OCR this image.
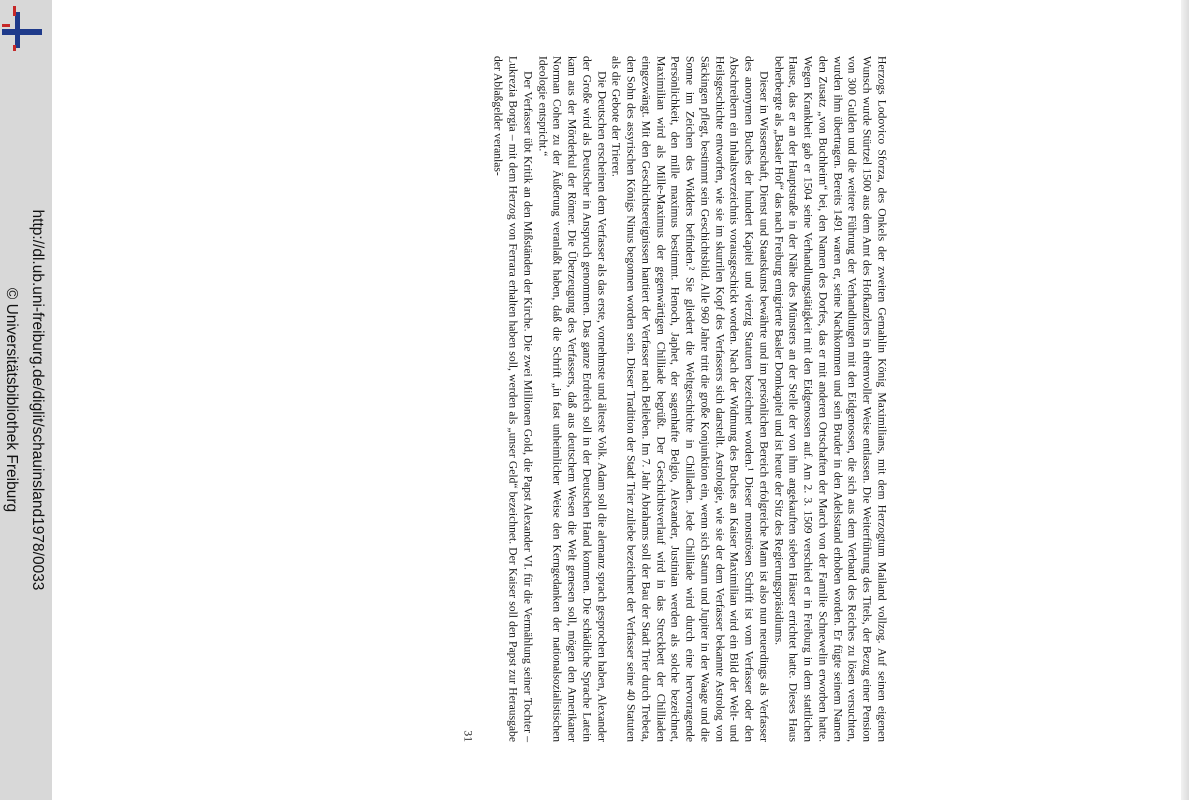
http://dl.ub.uni-freiburg.de/diglit/schauinsland1978/0033
© Universitätsbibliothek Freiburg	Herzogs Lodovico Sforza, des Onkels der zweiten Gemahlin König Maximilians, mit dem Herzogtum Mailand vollzog. Auf seinen eigenen Wunsch wurde Stürtzel 1500 aus dem Amt des Hofkanzlers in ehrenvoller Weise entlassen. Die Weiterführung des Titels, der Bezug einer Pension von 300 Gulden und die weitere Führung der Verhandlungen mit den Eidgenossen, die sich aus dem Verband des Reiches zu lösen versuchten, wurden ihm übertragen. Bereits 1491 waren er, seine Nachkommen und sein Bruder in den Adelsstand erhoben worden. Er fügte seinem Namen den Zusatz „von Buchheim“ bei, den Namen des Dorfes, das er mit anderen Ortschaften der March von der Familie Schnewelin erworben hatte. Wegen Krankheit gab er 1504 seine Verhandlungstätigkeit mit den Eidgenossen auf. Am 2. 3. 1509 verschied er in Freiburg in dem stattlichen Hause, das er an der Hauptstraße in der Nähe des Münsters an der Stelle der von ihm angekauften sieben Häuser errichtet hatte. Dieses Haus beherbergte als „Basler Hof“ das nach Freiburg emigrierte Basler Domkapitel und ist heute der Sitz des Regierungspräsidiums.

Dieser in Wissenschaft, Dienst und Staatskunst bewährte und im persönlichen Bereich erfolgreiche Mann ist also nun neuerdings als Verfasser des anonymen Buches der hundert Kapitel und vierzig Statuten bezeichnet worden.¹ Dieser monströsen Schrift ist vom Verfasser oder den Abschreibern ein Inhaltsverzeichnis vorausgeschickt worden. Nach der Widmung des Buches an Kaiser Maximilian wird ein Bild der Welt- und Heilsgeschichte entworfen, wie sie im skurrilen Kopf des Verfassers sich darstellt. Astrologie, wie sie der dem Verfasser bekannte Astrolog von Säckingen pflegt, bestimmt sein Geschichtsbild. Alle 960 Jahre tritt die große Konjunktion ein, wenn sich Saturn und Jupiter in der Waage und die Sonne im Zeichen des Widders befinden.² Sie gliedert die Weltgeschichte in Chilladen. Jede Chilliade wird durch eine hervorragende Persönlichkeit, den mille maximus bestimmt. Henoch, Japhet, der sagenhafte Belgio, Alexander, Justinian werden als solche bezeichnet, Maximilian wird als Mille-Maximus der gegenwärtigen Chilliade begrüßt. Der Geschichtsverlauf wird in das Streckbett der Chilliaden eingezwängt. Mit den Geschichtsereignissen hantiert der Verfasser nach Belieben. Im 7. Jahr Abrahams soll der Bau der Stadt Trier durch Trebeta, den Sohn des assyrischen Königs Ninus begonnen worden sein. Dieser Tradition der Stadt Trier zuliebe bezeichnet der Verfasser seine 40 Statuten als die Gebote der Trierer.

Die Deutschen erscheinen dem Verfasser als das erste, vornehmste und älteste Volk. Adam soll die alemanz sprach gesprochen haben, Alexander der Große wird als Deutscher in Anspruch genommen. Das ganze Erdreich soll in der Deutschen Hand kommen. Die schädliche Sprache Latein kam aus der Mörderkul der Römer. Die Überzeugung des Verfassers, daß aus deutschem Wesen die Welt genesen soll, mögen den Amerikaner Norman Cohen zu der Äußerung veranlaßt haben, daß die Schrift „in fast unheimlicher Weise den Kerngedanken der nationalsozialistischen Ideologie entspricht.“

Der Verfasser übt Kritik an den Mißständen der Kirche. Die zwei Millionen Gold, die Papst Alexander VI. für die Vermählung seiner Tochter – Lukrezia Borgia – mit dem Herzog von Ferrara erhalten haben soll, werden als „unser Geld“ bezeichnet. Der Kaiser soll den Papst zur Herausgabe der Ablaßgelder veranlas-

31
